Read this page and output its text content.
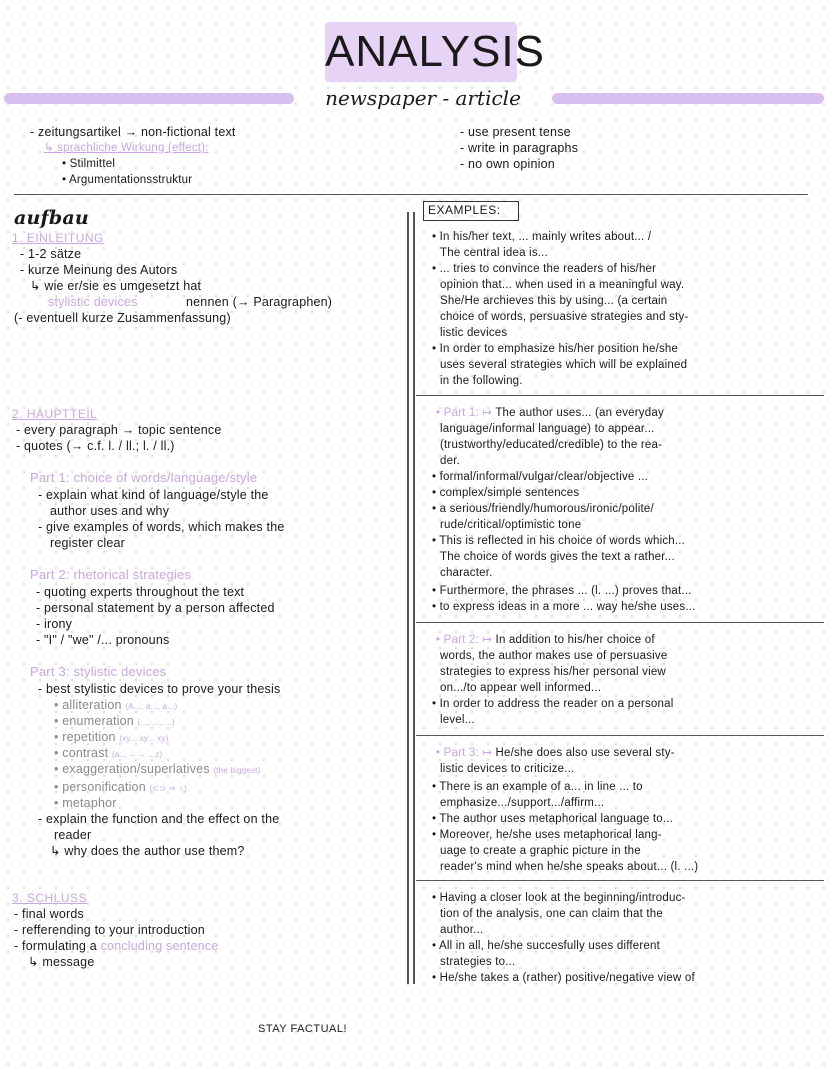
ANALYSIS
newspaper - article
- zeitungsartikel → non-fictional text
↳ sprachliche Wirkung (effect):
• Stilmittel
• Argumentationsstruktur
- use present tense
- write in paragraphs
- no own opinion
aufbau
1. EINLEITUNG
- 1-2 sätze
- kurze Meinung des Autors
↳ wie er/sie es umgesetzt hat
stylistic devices	nennen (→ Paragraphen)
(- eventuell kurze Zusammenfassung)
2. HAUPTTEIL
- every paragraph → topic sentence
- quotes (→ c.f. l. / ll.; l. / ll.)
Part 1: choice of words/language/style
- explain what kind of language/style the
author uses and why
- give examples of words, which makes the
register clear
Part 2: rhetorical strategies
- quoting experts throughout the text
- personal statement by a person affected
- irony
- "I" / "we" /... pronouns
Part 3: stylistic devices
- best stylistic devices to prove your thesis
• alliteration (A..., a..., a...)
• enumeration (..., ..., ...)
• repetition (xy... xy... xy)
• contrast (a... ←→ ...z)
• exaggeration/superlatives (the biggest)
• personification (⊂⊃ ⇒ ♀)
• metaphor
- explain the function and the effect on the
reader
↳ why does the author use them?
3. SCHLUSS
- final words
- refferending to your introduction
- formulating a concluding sentence
↳ message
EXAMPLES:
• In his/her text, ... mainly writes about... /
The central idea is...
• ... tries to convince the readers of his/her
opinion that... when used in a meaningful way.
She/He archieves this by using... (a certain
choice of words, persuasive strategies and sty-
listic devices
• In order to emphasize his/her position he/she
uses several strategies which will be explained
in the following.
• Part 1: ↦ The author uses... (an everyday
language/informal language) to appear...
(trustworthy/educated/credible) to the rea-
der.
• formal/informal/vulgar/clear/objective ...
• complex/simple sentences
• a serious/friendly/humorous/ironic/polite/
rude/critical/optimistic tone
• This is reflected in his choice of words which...
The choice of words gives the text a rather...
character.
• Furthermore, the phrases ... (l. ...) proves that...
• to express ideas in a more ... way he/she uses...
• Part 2: ↦ In addition to his/her choice of
words, the author makes use of persuasive
strategies to express his/her personal view
on.../to appear well informed...
• In order to address the reader on a personal
level...
• Part 3: ↦ He/she does also use several sty-
listic devices to criticize...
• There is an example of a... in line ... to
emphasize.../support.../affirm...
• The author uses metaphorical language to...
• Moreover, he/she uses metaphorical lang-
uage to create a graphic picture in the
reader's mind when he/she speaks about... (l. ...)
• Having a closer look at the beginning/introduc-
tion of the analysis, one can claim that the
author...
• All in all, he/she succesfully uses different
strategies to...
• He/she takes a (rather) positive/negative view of
STAY FACTUAL!
